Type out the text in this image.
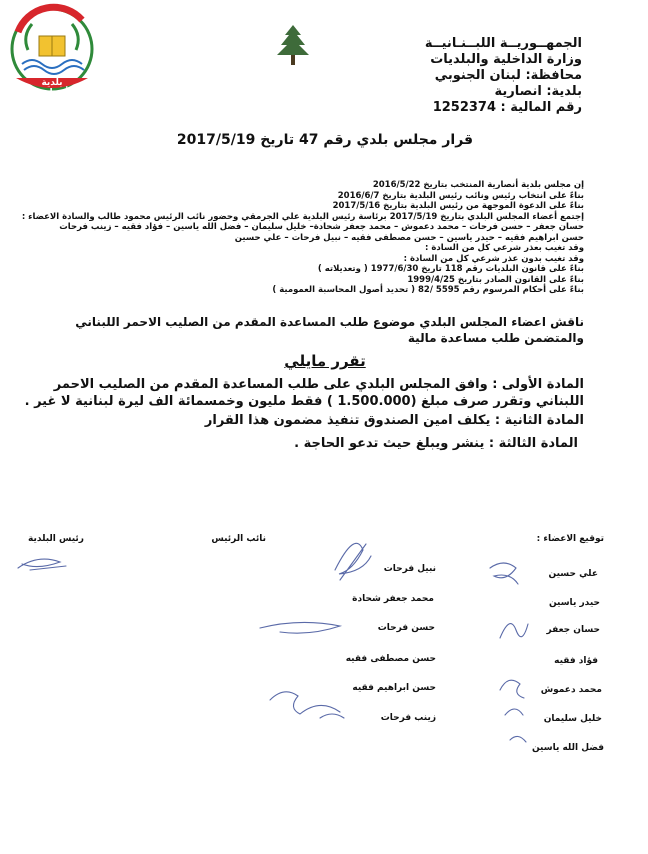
بلدية أنصارية
الجمهــوريــة اللبــنـانيــة
وزارة الداخلية والبلديات
محافظة: لبنان الجنوبي
بلدية: انصارية
رقم المالية : 1252374
قرار مجلس بلدي رقم 47 تاريخ 2017/5/19
إن مجلس بلدية أنصارية المنتخب بتاريخ 2016/5/22
بناءً على انتخاب رئيس ونائب رئيس البلدية بتاريخ 2016/6/7
بناءً على الدعوة الموجهة من رئيس البلدية بتاريخ 2017/5/16
إجتمع أعضاء المجلس البلدي بتاريخ 2017/5/19 برئاسة رئيس البلدية علي الجرمقي وحضور نائب الرئيس محمود طالب والسادة الاعضاء :
حسان جعفر – حسن فرحات – محمد دعموش – محمد جعفر شحادة– خليل سليمان – فضل الله ياسين – فؤاد فقيه – زينب فرحات
حسن ابراهيم فقيه – حيدر ياسين – حسن مصطفى فقيه – نبيل فرحات – علي حسين
وقد تغيب بعذر شرعي كل من السادة :
وقد تغيب بدون عذر شرعي كل من السادة :
بناءً على قانون البلديات رقم 118 تاريخ 1977/6/30 ( وتعديلاته )
بناءً على القانون الصادر بتاريخ 1999/4/25
بناءً على أحكام المرسوم رقم 5595 /82 ( تحديد أصول المحاسبة العمومية )
ناقش اعضاء المجلس البلدي موضوع طلب المساعدة المقدم من الصليب الاحمر اللبناني والمتضمن طلب مساعدة مالية
تقرر مايلي
المادة الأولى : وافق المجلس البلدي على طلب المساعدة المقدم من الصليب الاحمر اللبناني وتقرر صرف مبلغ (1.500.000 ) فقط مليون وخمسمائة الف ليرة لبنانية لا غير .
المادة الثانية : يكلف امين الصندوق تنفيذ مضمون هذا القرار
المادة الثالثة : ينشر ويبلغ حيث تدعو الحاجة .
توقيع الاعضاء :
رئيس البلدية	نائب الرئيس
علي حسين
حيدر ياسين
حسان جعفر
فؤاد فقيه
محمد دعموش
خليل سليمان
فضل الله ياسين
نبيل فرحات
محمد جعفر شحادة
حسن فرحات
حسن مصطفى فقيه
حسن ابراهيم فقيه
زينب فرحات
